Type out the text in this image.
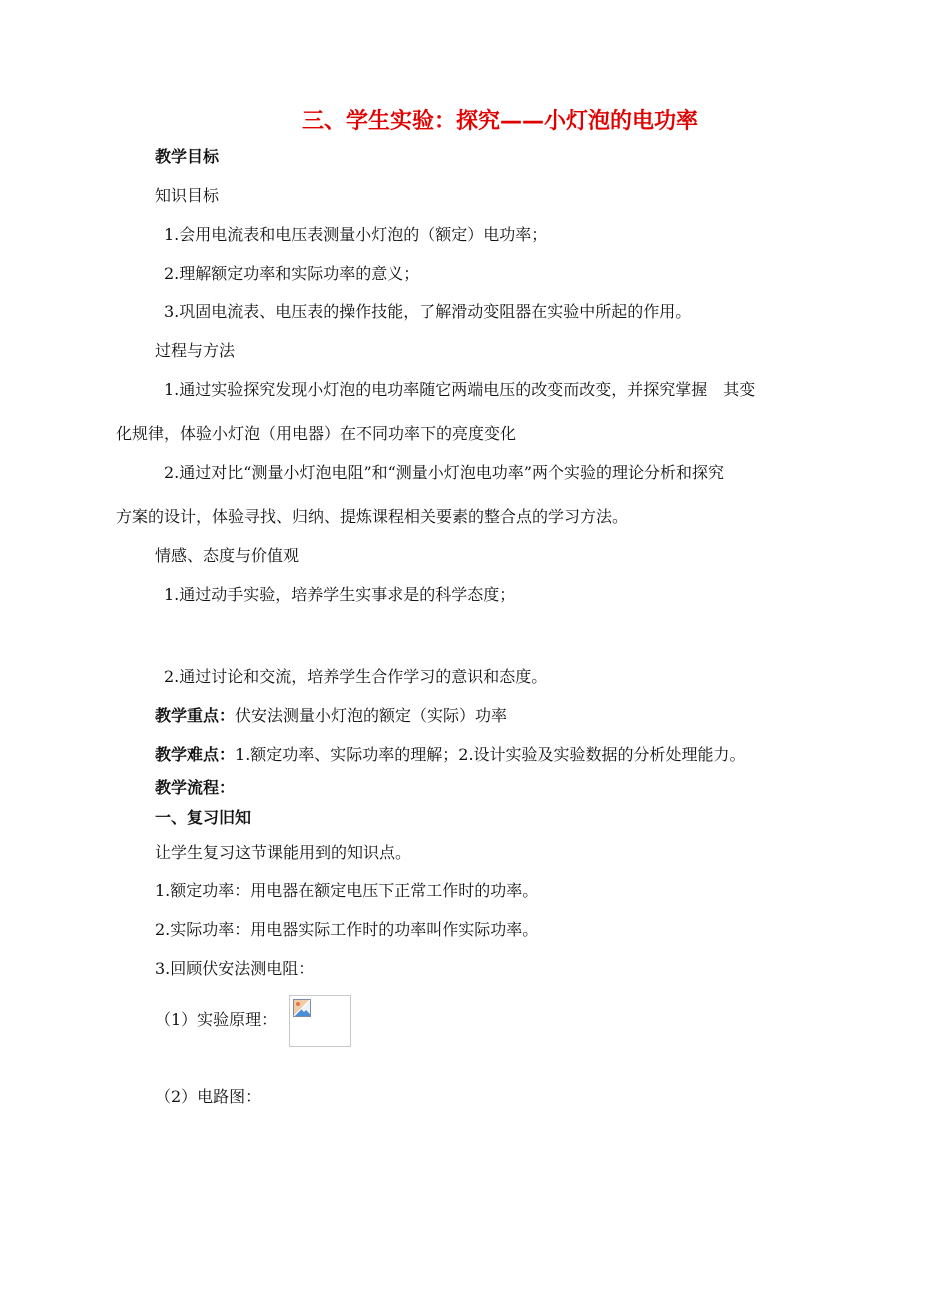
三、学生实验：探究——小灯泡的电功率
教学目标
知识目标
1.会用电流表和电压表测量小灯泡的（额定）电功率；
2.理解额定功率和实际功率的意义；
3.巩固电流表、电压表的操作技能，了解滑动变阻器在实验中所起的作用。
过程与方法
1.通过实验探究发现小灯泡的电功率随它两端电压的改变而改变，并探究掌握　其变
化规律，体验小灯泡（用电器）在不同功率下的亮度变化
2.通过对比“测量小灯泡电阻”和“测量小灯泡电功率”两个实验的理论分析和探究
方案的设计，体验寻找、归纳、提炼课程相关要素的整合点的学习方法。
情感、态度与价值观
1.通过动手实验，培养学生实事求是的科学态度；
2.通过讨论和交流，培养学生合作学习的意识和态度。
教学重点：伏安法测量小灯泡的额定（实际）功率
教学难点：1.额定功率、实际功率的理解；2.设计实验及实验数据的分析处理能力。
教学流程：
一、复习旧知
让学生复习这节课能用到的知识点。
1.额定功率：用电器在额定电压下正常工作时的功率。
2.实际功率：用电器实际工作时的功率叫作实际功率。
3.回顾伏安法测电阻：
（1）实验原理：
（2）电路图：
